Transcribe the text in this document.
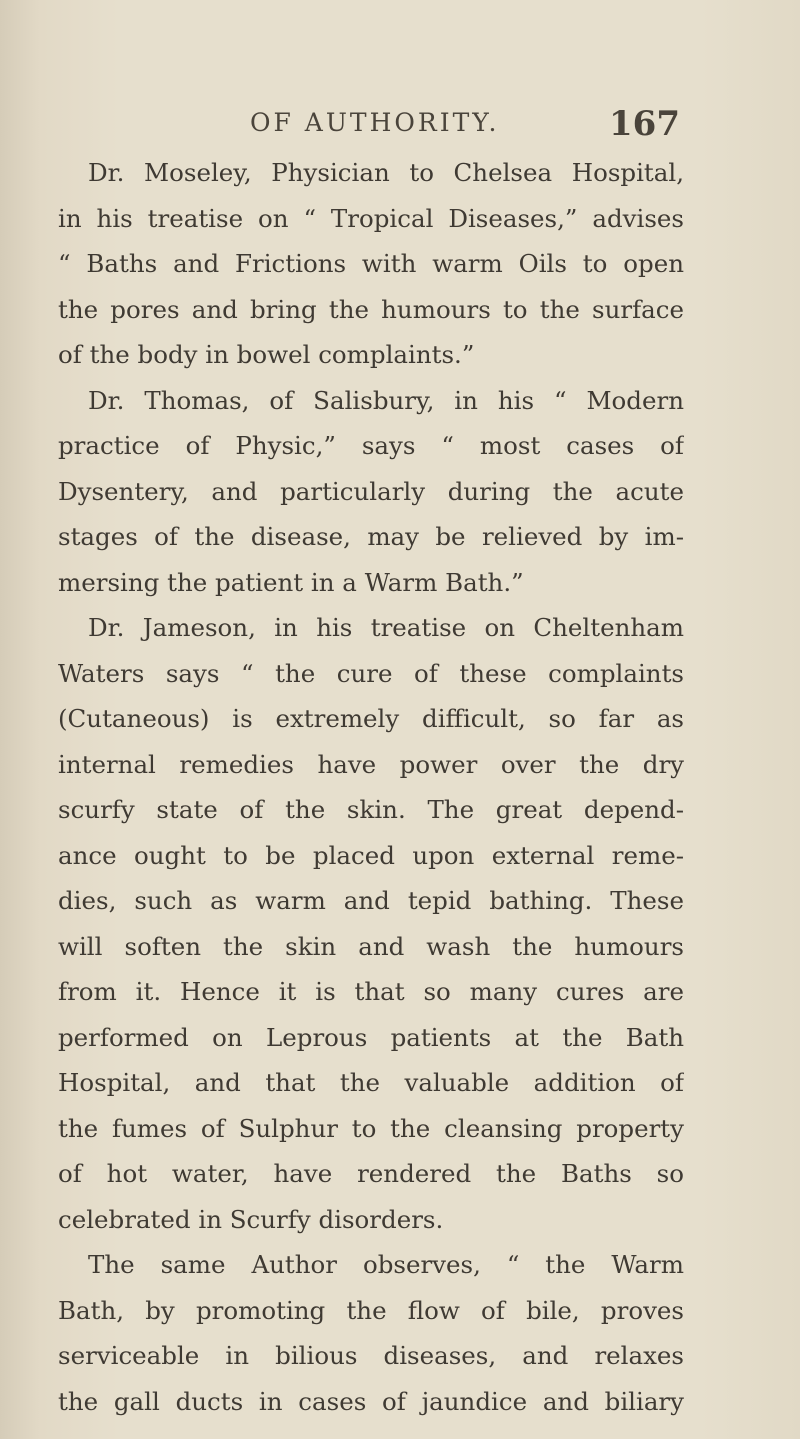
OF AUTHORITY.	167
Dr. Moseley, Physician to Chelsea Hospital,
in his treatise on “ Tropical Diseases,” advises
“ Baths and Frictions with warm Oils to open
the pores and bring the humours to the surface
of the body in bowel complaints.”
Dr. Thomas, of Salisbury, in his “ Modern
practice of Physic,” says “ most cases of
Dysentery, and particularly during the acute
stages of the disease, may be relieved by im-
mersing the patient in a Warm Bath.”
Dr. Jameson, in his treatise on Cheltenham
Waters says “ the cure of these complaints
(Cutaneous) is extremely difficult, so far as
internal remedies have power over the dry
scurfy state of the skin. The great depend-
ance ought to be placed upon external reme-
dies, such as warm and tepid bathing. These
will soften the skin and wash the humours
from it. Hence it is that so many cures are
performed on Leprous patients at the Bath
Hospital, and that the valuable addition of
the fumes of Sulphur to the cleansing property
of hot water, have rendered the Baths so
celebrated in Scurfy disorders.
The same Author observes, “ the Warm
Bath, by promoting the flow of bile, proves
serviceable in bilious diseases, and relaxes
the gall ducts in cases of jaundice and biliary
